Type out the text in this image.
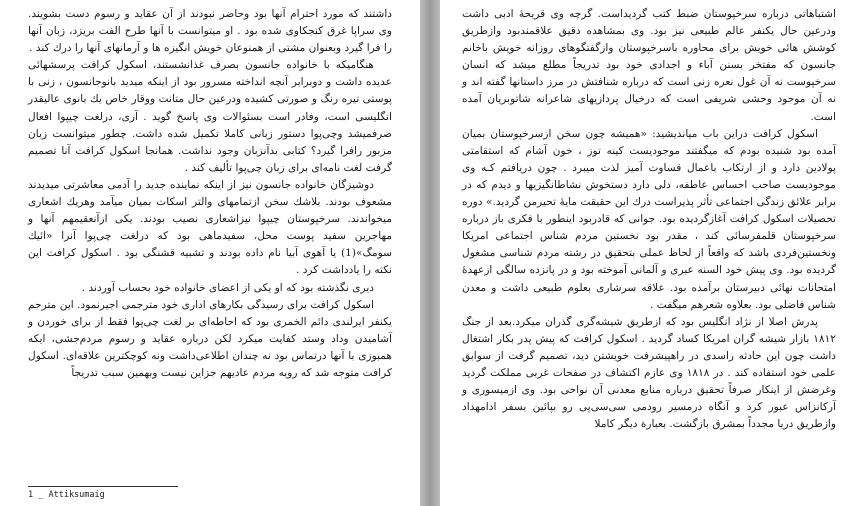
داشتند که مورد احترام آنها بود وحاضر نبودند از آن عقاید و رسوم دست بشویند. وی سراپا غرق کنجکاوی شده بود . او میتوانست با آنها طرح الفت بریزد، زبان آنها را فرا گیرد وبعنوان مشتی از همنوعان خویش انگیزه ها و آرمانهای آنها را درك کند .

هنگامیکه با خانواده جانسون بصرف غذانشستند، اسکول کرافت پرسشهائی عدیده داشت و دوبرابر آنچه انداخته مسرور بود از اینکه میدید بانوجانسون ، زنی با پوستی تیره رنگ و صورتی کشیده ودرعین حال متانت ووقار خاص یك بانوی عالیقدر انگلیسی است، وفادر است بسئوالات وی پاسخ گوید . آری، درلغت چیپوا افعال صرفمیشد وچی‌پوا دستور زبانی کاملا تکمیل شده داشت. چطور میتوانست زبان مزبور رافرا گیرد؟ کتابی بدآنزبان وجود نداشت. همانجا اسکول کرافت آنا تصمیم گرفت لغت نامه‌ای برای زبان چی‌پوا تألیف کند .

دوشیزگان خانواده جانسون نیز از اینکه نماینده جدید را آدمی معاشرتی میدیدند مشعوف بودند. بلاشك سخن ازتمامهای والتر اسکات بمیان میآمد وهریك اشعاری میخواندند. سرخپوستان چیپوا نیزاشعاری نصیب بودند. یکی ازآنعقیمهم آنها و مهاجرین سفید پوست محل، سفیدماهی بود که درلغت چی‌پوا آنرا «ائیك سومگ»(1) یا آهوی آبیا نام داده بودند و تشبیه قشنگی بود . اسکول کرافت این نکته را یادداشت کرد .

دیری نگذشته بود که او یکی از اعضای خانواده خود بحساب آوردند .

اسکول کرافت برای رسیدگی بکارهای اداری خود مترجمی اجیرنمود. این مترجم یکنفر ایرلندی دائم الخمری بود که احاطه‌ای بر لغت چی‌پوا فقط از برای خوردن و آشامیدن وداد وستد کفایت میکرد لکن درباره عقاید و رسوم مردم‌جشی، ایکه همبوزی با آنها درتماس بود نه چندان اطلاعی‌داشت ونه کوچکترین علاقه‌ای. اسکول کرافت متوجه شد که رویه مردم عادیهم جزاین نیست وبهمین سبب تدریجاً

1 _ Attiksumaig

اشتباهاتی درباره سرخپوستان ضبط کتب گردیداست. گرچه وی قریحهٔ ادبی داشت ودرعین حال یکنفر عالم طبیعی نیز بود. وی بمشاهده دقیق علاقمندبود وازطریق کوشش‌ هائی خویش برای محاوره باسرخپوستان وازگفتگوهای روزانه خویش باخانم جانسون که مفتخر بسنن آباء و اجدادی خود بود تدریجاً مطلع میشد که انسان سرخپوست نه آن غول نعره زنی است که درباره شنافتش در مرز داستانها گفته اند و نه آن موجود وحشی شریفی است که درخیال پردازیهای شاعرانه شاتوبریان آمده است.

اسکول کرافت دراین باب میاندیشید: «همیشه چون سخن ازسرخپوستان بمیان آمده بود شنیده بودم که میگفتند موجودیست کینه توز ، خون آشام که استقامتی پولادین دارد و از ارتکاب باعمال قساوت آمیز لذت میبرد . چون دریافتم کـه وی موجودیست صاحب احساس عاطفه، دلی دارد دستخوش نشاطانگیزیها و دیدم که در برابر علائق زندگی اجتماعی تأثر پذیراست درك این حقیقت مایهٔ تحیرمن گردید.» دوره تحصیلات اسکول کرافت آغازگردیده بود. جوانی که قادربود اینطور با فکری باز درباره سرخپوستان قلمفرسائی کند ، مقدر بود نخستین مردم شناس اجتماعی امریکا ونخستین‌فردی باشد که واقعاً از لحاظ عملی بتحقیق در رشته مردم شناسی مشغول گردیده بود. وی پیش خود السنه عبری و آلمانی آموخته بود و در پانزده سالگی ازعهدهٔ امتحانات نهائی دبیرستان برآمده بود. علاقه سرشاری بعلوم طبیعی داشت و معدن شناس فاضلی بود. بعلاوه شعرهم میگفت .

پدرش اصلا از نژاد انگلیس بود که ازطریق شیشه‌گری گذران میکرد.بعد از جنگ ۱۸۱۲ بازار شیشه گران امریکا کساد گردید . اسکول کرافت که پیش پدر بکار اشتغال داشت چون این حادثه راسدی در راهپیشرفت خویشتن دید، تصمیم گرفت از سوابق علمی خود استفاده کند . در ۱۸۱۸ وی عازم اکتشاف در صفحات غربی مملکت گردید وغرضش از اینکار صرفاً تحقیق درباره منابع معدنی آن نواحی بود. وی ازمیسوری و آرکانزاس عبور کرد و آنگاه درمسیر رودمی سی‌سی‌پی رو بپائین بسفر ادامهداد وازطریق دریا مجدداً بمشرق بازگشت. بعبارة دیگر کاملا
